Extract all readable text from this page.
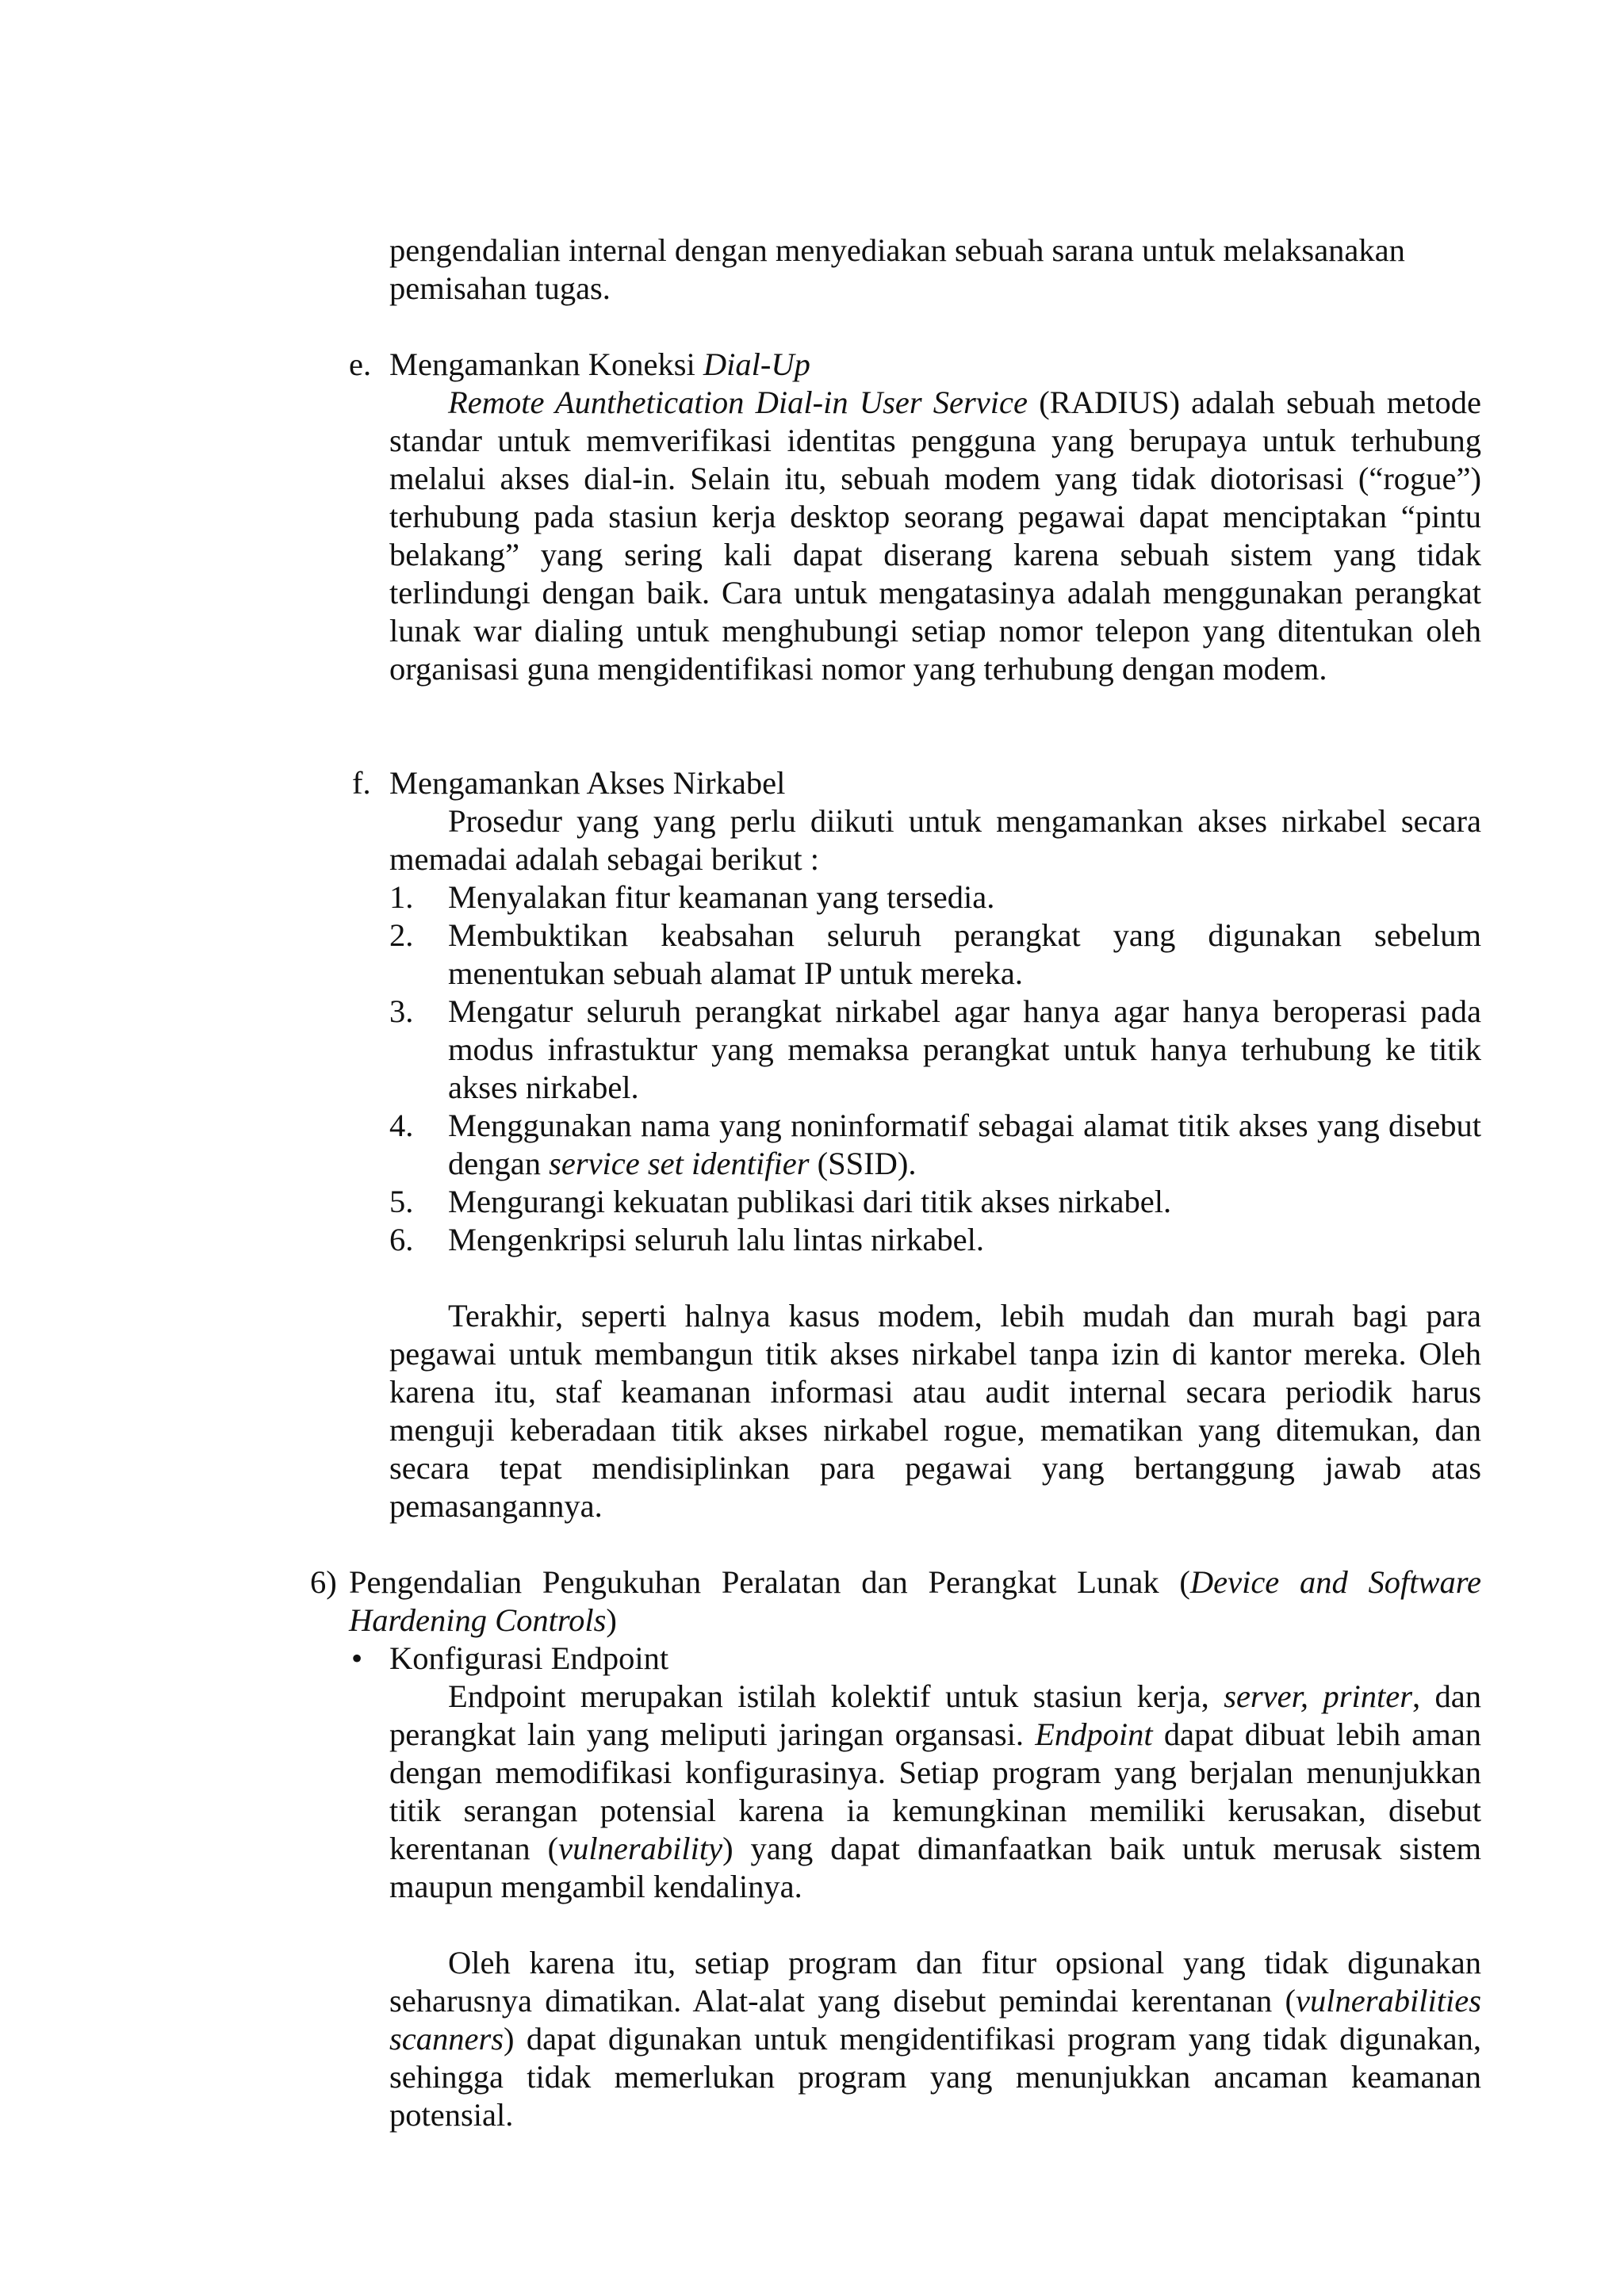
pengendalian internal dengan menyediakan sebuah sarana untuk melaksanakan
pemisahan tugas.

e. Mengamankan Koneksi Dial-Up

Remote Aunthetication Dial-in User Service (RADIUS) adalah sebuah metode standar untuk memverifikasi identitas pengguna yang berupaya untuk terhubung melalui akses dial-in. Selain itu, sebuah modem yang tidak diotorisasi (“rogue”) terhubung pada stasiun kerja desktop seorang pegawai dapat menciptakan “pintu belakang” yang sering kali dapat diserang karena sebuah sistem yang tidak terlindungi dengan baik. Cara untuk mengatasinya adalah menggunakan perangkat lunak war dialing untuk menghubungi setiap nomor telepon yang ditentukan oleh organisasi guna mengidentifikasi nomor yang terhubung dengan modem.

f. Mengamankan Akses Nirkabel

Prosedur yang yang perlu diikuti untuk mengamankan akses nirkabel secara memadai adalah sebagai berikut :

1. Menyalakan fitur keamanan yang tersedia.

2. Membuktikan keabsahan seluruh perangkat yang digunakan sebelum menentukan sebuah alamat IP untuk mereka.

3. Mengatur seluruh perangkat nirkabel agar hanya agar hanya beroperasi pada modus infrastuktur yang memaksa perangkat untuk hanya terhubung ke titik akses nirkabel.

4. Menggunakan nama yang noninformatif sebagai alamat titik akses yang disebut dengan service set identifier (SSID).

5. Mengurangi kekuatan publikasi dari titik akses nirkabel.

6. Mengenkripsi seluruh lalu lintas nirkabel.

Terakhir, seperti halnya kasus modem, lebih mudah dan murah bagi para pegawai untuk membangun titik akses nirkabel tanpa izin di kantor mereka. Oleh karena itu, staf keamanan informasi atau audit internal secara periodik harus menguji keberadaan titik akses nirkabel rogue, mematikan yang ditemukan, dan secara tepat mendisiplinkan para pegawai yang bertanggung jawab atas pemasangannya.

6) Pengendalian Pengukuhan Peralatan dan Perangkat Lunak (Device and Software Hardening Controls)

• Konfigurasi Endpoint

Endpoint merupakan istilah kolektif untuk stasiun kerja, server, printer, dan perangkat lain yang meliputi jaringan organsasi. Endpoint dapat dibuat lebih aman dengan memodifikasi konfigurasinya. Setiap program yang berjalan menunjukkan titik serangan potensial karena ia kemungkinan memiliki kerusakan, disebut kerentanan (vulnerability) yang dapat dimanfaatkan baik untuk merusak sistem maupun mengambil kendalinya.

Oleh karena itu, setiap program dan fitur opsional yang tidak digunakan seharusnya dimatikan. Alat-alat yang disebut pemindai kerentanan (vulnerabilities scanners) dapat digunakan untuk mengidentifikasi program yang tidak digunakan, sehingga tidak memerlukan program yang menunjukkan ancaman keamanan potensial.
